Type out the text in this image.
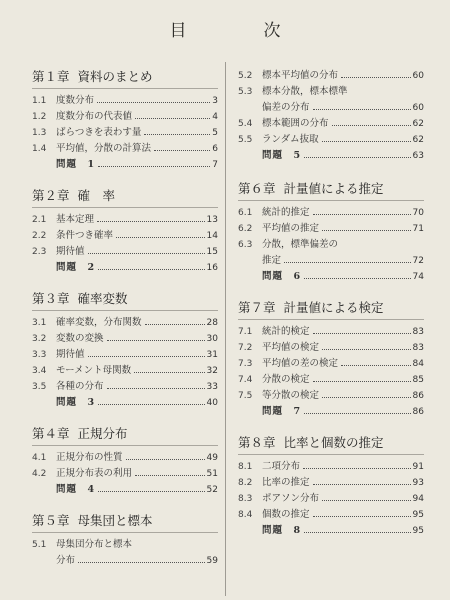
目　次
第１章 資料のまとめ
1.1	度数分布	3
1.2	度数分布の代表値	4
1.3	ばらつきを表わす量	5
1.4	平均値，分散の計算法	6
問題　1	7
第２章 確　率
2.1	基本定理	13
2.2	条件つき確率	14
2.3	期待値	15
問題　2	16
第３章 確率変数
3.1	確率変数，分布関数	28
3.2	変数の変換	30
3.3	期待値	31
3.4	モーメント母関数	32
3.5	各種の分布	33
問題　3	40
第４章 正規分布
4.1	正規分布の性質	49
4.2	正規分布表の利用	51
問題　4	52
第５章 母集団と標本
5.1	母集団分布と標本
分布	59
5.2	標本平均値の分布	60
5.3	標本分散，標本標準
偏差の分布	60
5.4	標本範囲の分布	62
5.5	ランダム抜取	62
問題　5	63
第６章 計量値による推定
6.1	統計的推定	70
6.2	平均値の推定	71
6.3	分散，標準偏差の
推定	72
問題　6	74
第７章 計量値による検定
7.1	統計的検定	83
7.2	平均値の検定	83
7.3	平均値の差の検定	84
7.4	分散の検定	85
7.5	等分散の検定	86
問題　7	86
第８章 比率と個数の推定
8.1	二項分布	91
8.2	比率の推定	93
8.3	ポアソン分布	94
8.4	個数の推定	95
問題　8	95
